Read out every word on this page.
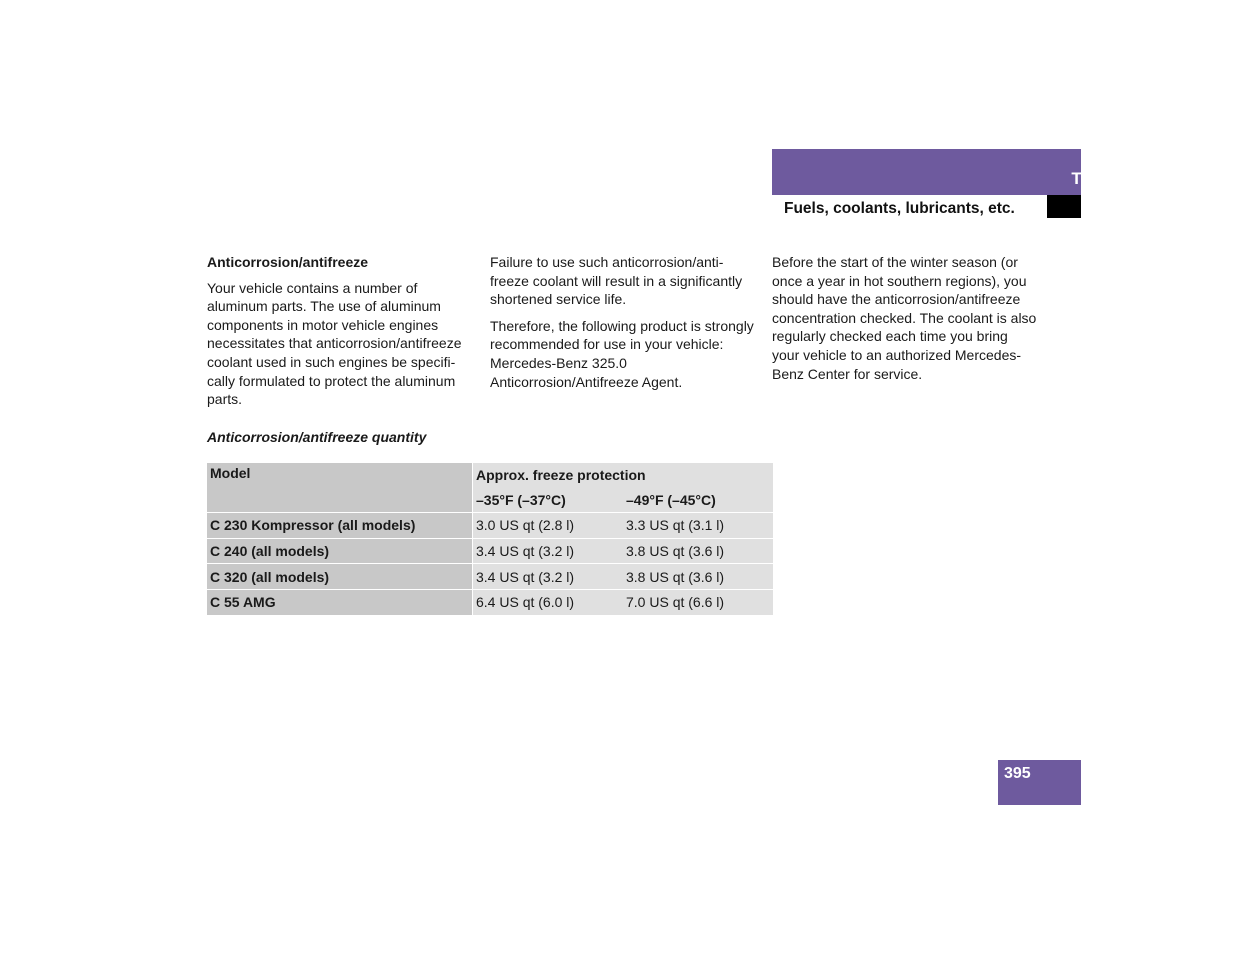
Technical data
Fuels, coolants, lubricants, etc.

Anticorrosion/antifreeze

Your vehicle contains a number of aluminum parts. The use of aluminum components in motor vehicle engines necessitates that anticorrosion/antifreeze coolant used in such engines be specifi-cally formulated to protect the aluminum parts.

Failure to use such anticorrosion/anti-freeze coolant will result in a significantly shortened service life.

Therefore, the following product is strongly recommended for use in your vehicle: Mercedes-Benz 325.0 Anticorrosion/Antifreeze Agent.

Before the start of the winter season (or once a year in hot southern regions), you should have the anticorrosion/antifreeze concentration checked. The coolant is also regularly checked each time you bring your vehicle to an authorized Mercedes-Benz Center for service.

Anticorrosion/antifreeze quantity

Model	Approx. freeze protection	
	–35°F (–37°C)	–49°F (–45°C)
C 230 Kompressor (all models)	3.0 US qt (2.8 l)	3.3 US qt (3.1 l)
C 240 (all models)	3.4 US qt (3.2 l)	3.8 US qt (3.6 l)
C 320 (all models)	3.4 US qt (3.2 l)	3.8 US qt (3.6 l)
C 55 AMG	6.4 US qt (6.0 l)	7.0 US qt (6.6 l)

395
